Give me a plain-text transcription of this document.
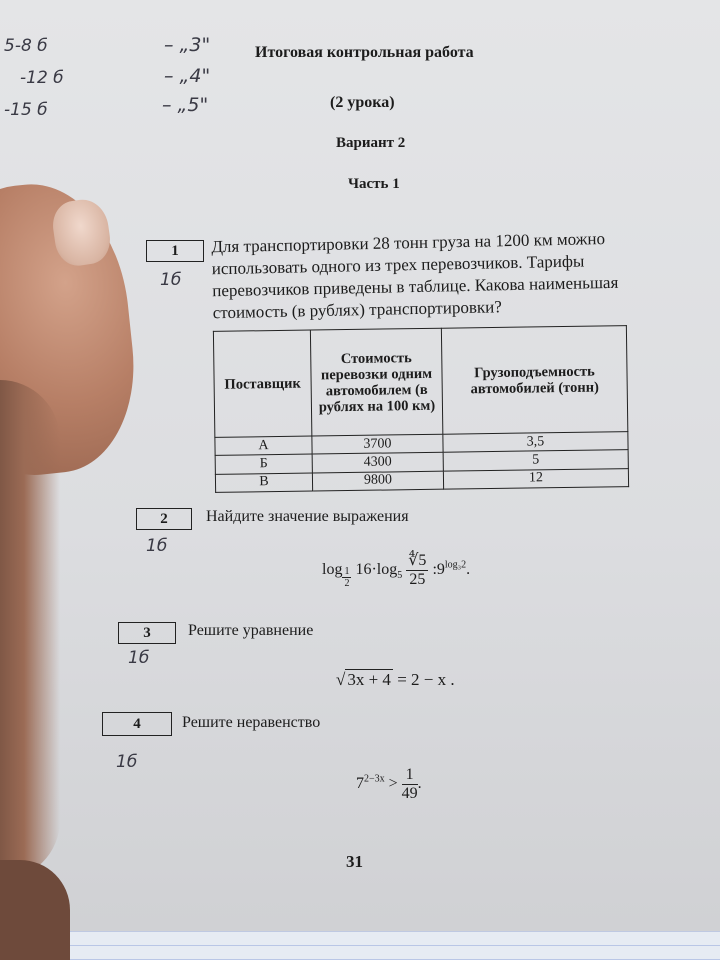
5-8 б	– „3"
-12 б	– „4"
-15 б	– „5"
Итоговая контрольная работа
(2 урока)
Вариант 2
Часть 1
1
1б
Для транспортировки 28 тонн груза на 1200 км можно использовать одного из трех перевозчиков. Тарифы перевозчиков приведены в таблице. Какова наименьшая стоимость (в рублях) транспортировки?
Поставщик	Стоимость перевозки одним автомобилем (в рублях на 100 км)	Грузоподъемность автомобилей (тонн)
А	3700	3,5
Б	4300	5
В	9800	12
2
1б
Найдите значение выражения
$\log \frac{1}{2} 16\cdot\log_5 \frac{∜5}{25}$ $:9^{log_32}$.
3
1б
Решите уравнение
√ 3x + 4 = 2 − x .
4
1б
Решите неравенство
$7^{2-3x} > \frac{1}{49}$ .
31
